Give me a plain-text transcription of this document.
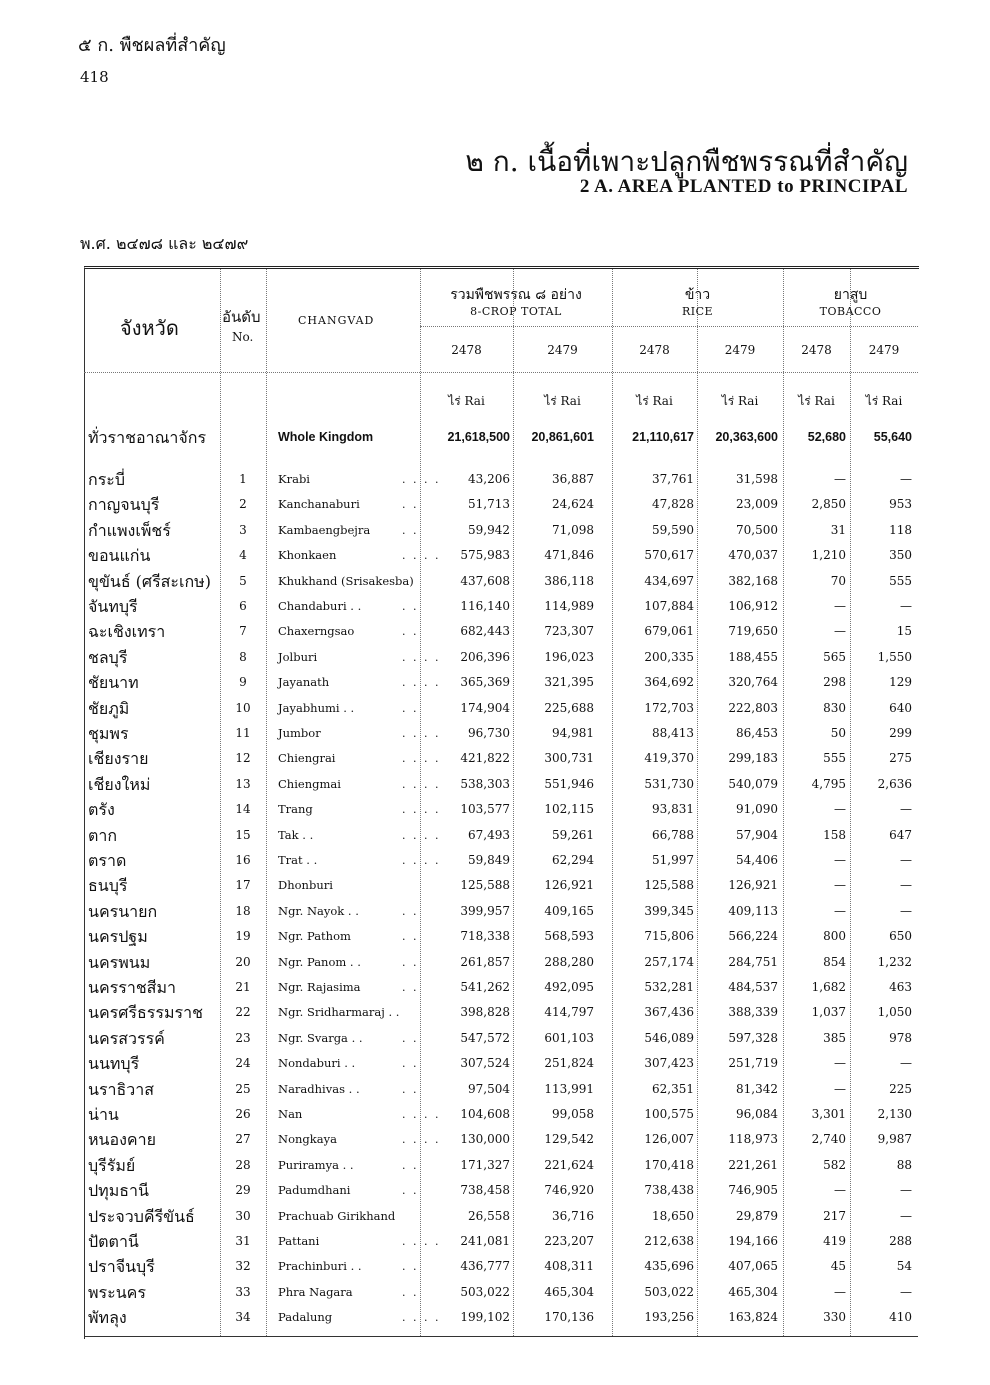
๕ ก. พืชผลที่สำคัญ
418
๒ ก. เนื้อที่เพาะปลูกพืชพรรณที่สำคัญ
2 A. AREA PLANTED to PRINCIPAL
พ.ศ. ๒๔๗๘ และ ๒๔๗๙
จังหวัด	อันดับ
No.
CHANGVAD
รวมพืชพรรณ ๘ อย่าง
8-CROP TOTAL
ข้าว
RICE
ยาสูบ
TOBACCO
2478	2479	2478	2479	2478	2479
ไร่ Rai	ไร่ Rai	ไร่ Rai	ไร่ Rai	ไร่ Rai	ไร่ Rai
ทั่วราชอาณาจักร	Whole Kingdom	21,618,500	20,861,601	21,110,617	20,363,600	52,680	55,640
กระบี่	1	Krabi	. . . .	43,206	36,887	37,761	31,598	—	—
กาญจนบุรี	2	Kanchanaburi	. .	51,713	24,624	47,828	23,009	2,850	953
กำแพงเพ็ชร์	3	Kambaengbejra	. .	59,942	71,098	59,590	70,500	31	118
ขอนแก่น	4	Khonkaen	. . . .	575,983	471,846	570,617	470,037	1,210	350
ขุขันธ์ (ศรีสะเกษ)	5	Khukhand (Srisakesba)	437,608	386,118	434,697	382,168	70	555
จันทบุรี	6	Chandaburi . .	. .	116,140	114,989	107,884	106,912	—	—
ฉะเชิงเทรา	7	Chaxerngsao	. .	682,443	723,307	679,061	719,650	—	15
ชลบุรี	8	Jolburi	. . . .	206,396	196,023	200,335	188,455	565	1,550
ชัยนาท	9	Jayanath	. . . .	365,369	321,395	364,692	320,764	298	129
ชัยภูมิ	10	Jayabhumi . .	. .	174,904	225,688	172,703	222,803	830	640
ชุมพร	11	Jumbor	. . . .	96,730	94,981	88,413	86,453	50	299
เชียงราย	12	Chiengrai	. . . .	421,822	300,731	419,370	299,183	555	275
เชียงใหม่	13	Chiengmai	. . . .	538,303	551,946	531,730	540,079	4,795	2,636
ตรัง	14	Trang	. . . .	103,577	102,115	93,831	91,090	—	—
ตาก	15	Tak . .	. . . .	67,493	59,261	66,788	57,904	158	647
ตราด	16	Trat . .	. . . .	59,849	62,294	51,997	54,406	—	—
ธนบุรี	17	Dhonburi	125,588	126,921	125,588	126,921	—	—
นครนายก	18	Ngr. Nayok . .	. .	399,957	409,165	399,345	409,113	—	—
นครปฐม	19	Ngr. Pathom	. .	718,338	568,593	715,806	566,224	800	650
นครพนม	20	Ngr. Panom . .	. .	261,857	288,280	257,174	284,751	854	1,232
นครราชสีมา	21	Ngr. Rajasima	. .	541,262	492,095	532,281	484,537	1,682	463
นครศรีธรรมราช	22	Ngr. Sridharmaraj . .	398,828	414,797	367,436	388,339	1,037	1,050
นครสวรรค์	23	Ngr. Svarga . .	. .	547,572	601,103	546,089	597,328	385	978
นนทบุรี	24	Nondaburi . .	. .	307,524	251,824	307,423	251,719	—	—
นราธิวาส	25	Naradhivas . .	. .	97,504	113,991	62,351	81,342	—	225
น่าน	26	Nan	. . . .	104,608	99,058	100,575	96,084	3,301	2,130
หนองคาย	27	Nongkaya	. . . .	130,000	129,542	126,007	118,973	2,740	9,987
บุรีรัมย์	28	Puriramya . .	. .	171,327	221,624	170,418	221,261	582	88
ปทุมธานี	29	Padumdhani	. .	738,458	746,920	738,438	746,905	—	—
ประจวบคีรีขันธ์	30	Prachuab Girikhand	26,558	36,716	18,650	29,879	217	—
ปัตตานี	31	Pattani	. . . .	241,081	223,207	212,638	194,166	419	288
ปราจีนบุรี	32	Prachinburi . .	. .	436,777	408,311	435,696	407,065	45	54
พระนคร	33	Phra Nagara	. .	503,022	465,304	503,022	465,304	—	—
พัทลุง	34	Padalung	. . . .	199,102	170,136	193,256	163,824	330	410
